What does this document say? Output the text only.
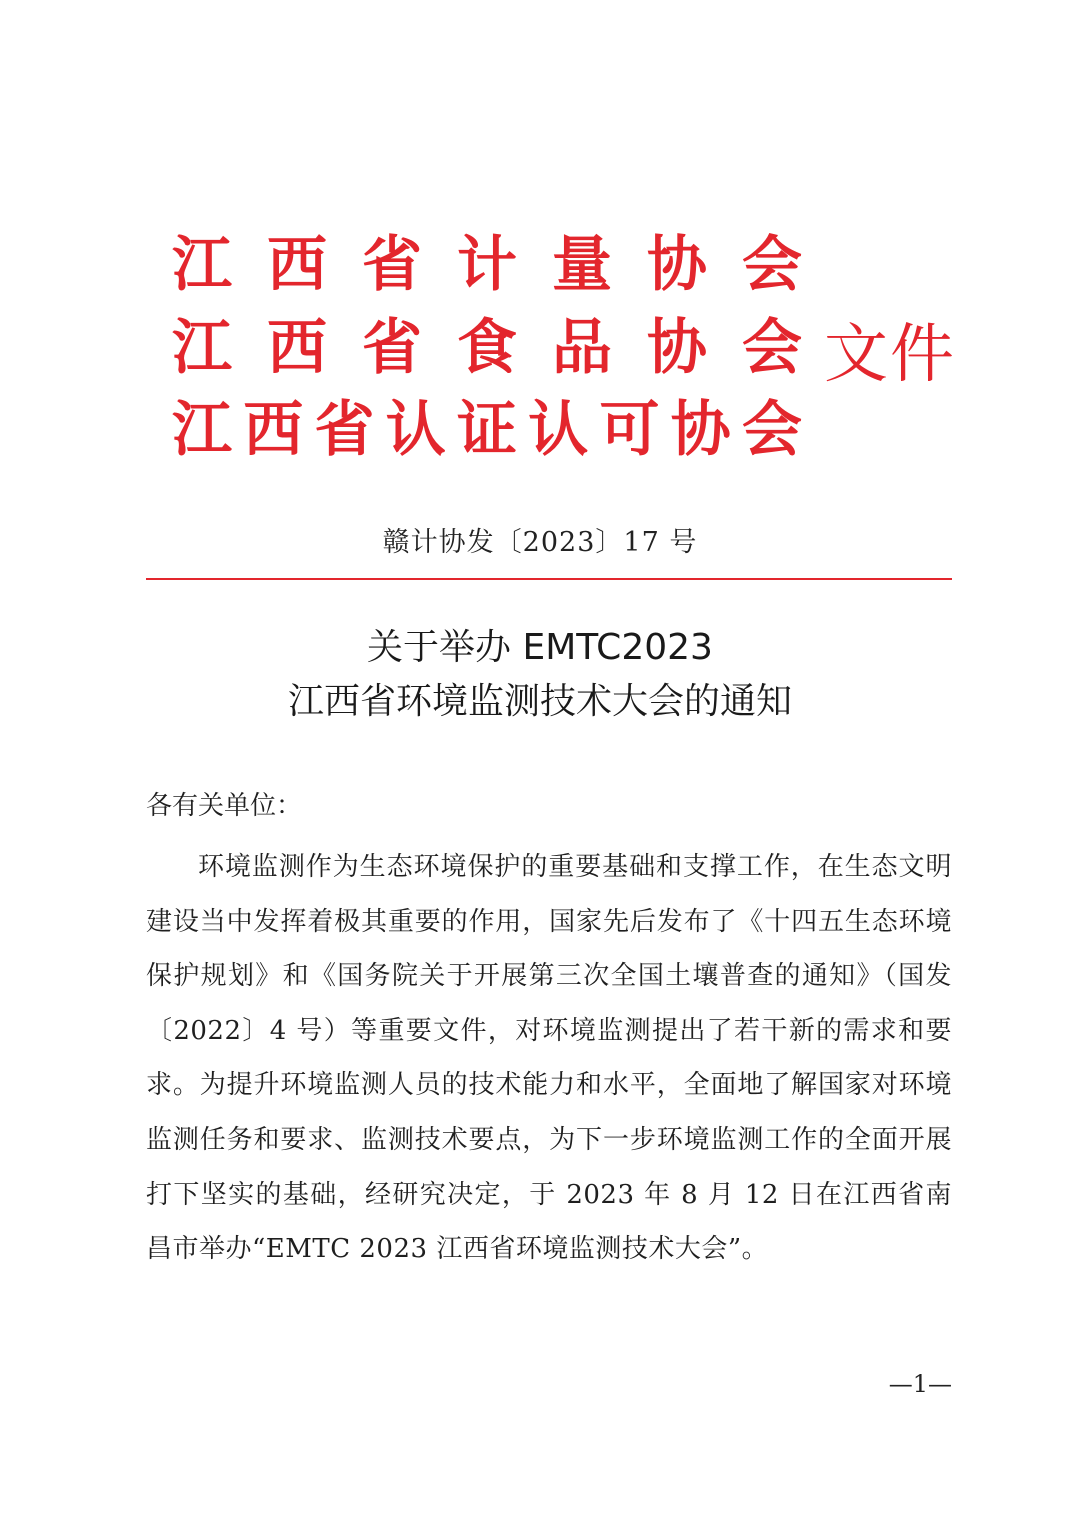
江 西 省 计 量 协 会
江 西 省 食 品 协 会
江 西 省 认 证 认 可 协 会
文件
赣计协发〔2023〕17 号
关于举办 EMTC2023
江西省环境监测技术大会的通知
各有关单位：
环境监测作为生态环境保护的重要基础和支撑工作，在生态文明建设当中发挥着极其重要的作用，国家先后发布了《十四五生态环境保护规划》和《国务院关于开展第三次全国土壤普查的通知》（国发〔2022〕4 号）等重要文件，对环境监测提出了若干新的需求和要求。为提升环境监测人员的技术能力和水平，全面地了解国家对环境监测任务和要求、监测技术要点，为下一步环境监测工作的全面开展打下坚实的基础，经研究决定，于 2023 年 8 月 12 日在江西省南昌市举办“EMTC 2023 江西省环境监测技术大会”。
—1—
